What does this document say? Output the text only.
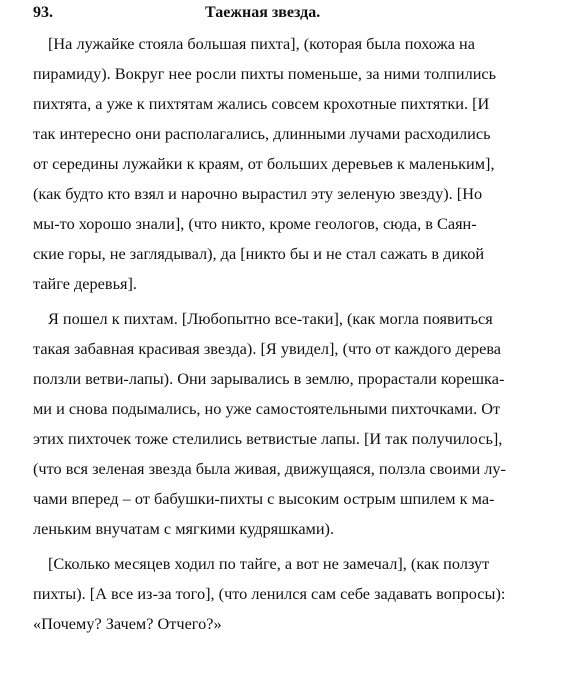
93.	Таежная звезда.
[На лужайке стояла большая пихта], (которая была похожа на
пирамиду). Вокруг нее росли пихты поменьше, за ними толпились
пихтята, а уже к пихтятам жались совсем крохотные пихтятки. [И
так интересно они располагались, длинными лучами расходились
от середины лужайки к краям, от больших деревьев к маленьким],
(как будто кто взял и нарочно вырастил эту зеленую звезду). [Но
мы-то хорошо знали], (что никто, кроме геологов, сюда, в Саян-
ские горы, не заглядывал), да [никто бы и не стал сажать в дикой
тайге деревья].
Я пошел к пихтам. [Любопытно все-таки], (как могла появиться
такая забавная красивая звезда). [Я увидел], (что от каждого дерева
ползли ветви-лапы). Они зарывались в землю, прорастали корешка-
ми и снова подымались, но уже самостоятельными пихточками. От
этих пихточек тоже стелились ветвистые лапы. [И так получилось],
(что вся зеленая звезда была живая, движущаяся, ползла своими лу-
чами вперед – от бабушки-пихты с высоким острым шпилем к ма-
леньким внучатам с мягкими кудряшками).
[Сколько месяцев ходил по тайге, а вот не замечал], (как ползут
пихты). [А все из-за того], (что ленился сам себе задавать вопросы):
«Почему? Зачем? Отчего?»
